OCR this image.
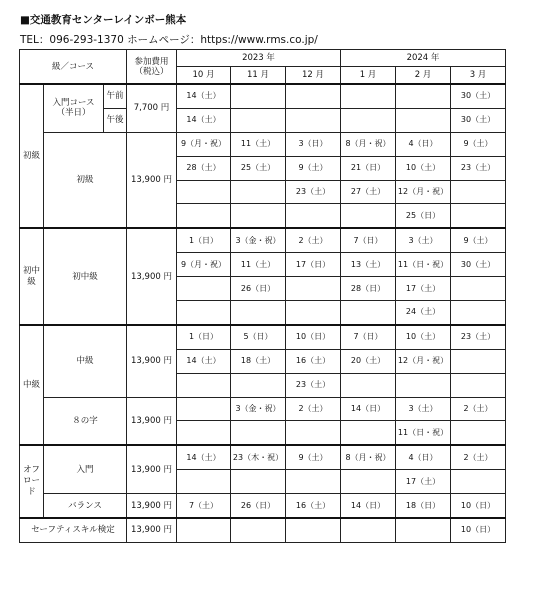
■交通教育センターレインボー熊本
TEL：096-293-1370 ホームページ：https://www.rms.co.jp/
級／コース			参加費用
（税込）	2023 年			2024 年		
				10 月	11 月	12 月	1 月	2 月	3 月

初級	入門コース
（半日）	午前	7,700 円	14（土）					30（土）
		午後		14（土）					30（土）
	初級		13,900 円	9（月・祝）	11（土）	3（日）	8（月・祝）	4（日）	9（土）
				28（土）	25（土）	9（土）	21（日）	10（土）	23（土）
						23（土）	27（土）	12（月・祝）	
								25（日）	

初中級	初中級		13,900 円	1（日）	3（金・祝）	2（土）	7（日）	3（土）	9（土）
				9（月・祝）	11（土）	17（日）	13（土）	11（日・祝）	30（土）
					26（日）		28（日）	17（土）	
								24（土）	

中級	中級		13,900 円	1（日）	5（日）	10（日）	7（日）	10（土）	23（土）
				14（土）	18（土）	16（土）	20（土）	12（月・祝）	
						23（土）			
	８の字		13,900 円		3（金・祝）	2（土）	14（日）	3（土）	2（土）
								11（日・祝）	

オフロード	入門		13,900 円	14（土）	23（木・祝）	9（土）	8（月・祝）	4（日）	2（土）
								17（土）	
	バランス		13,900 円	7（土）	26（日）	16（土）	14（日）	18（日）	10（日）
セーフティスキル検定			13,900 円						10（日）
